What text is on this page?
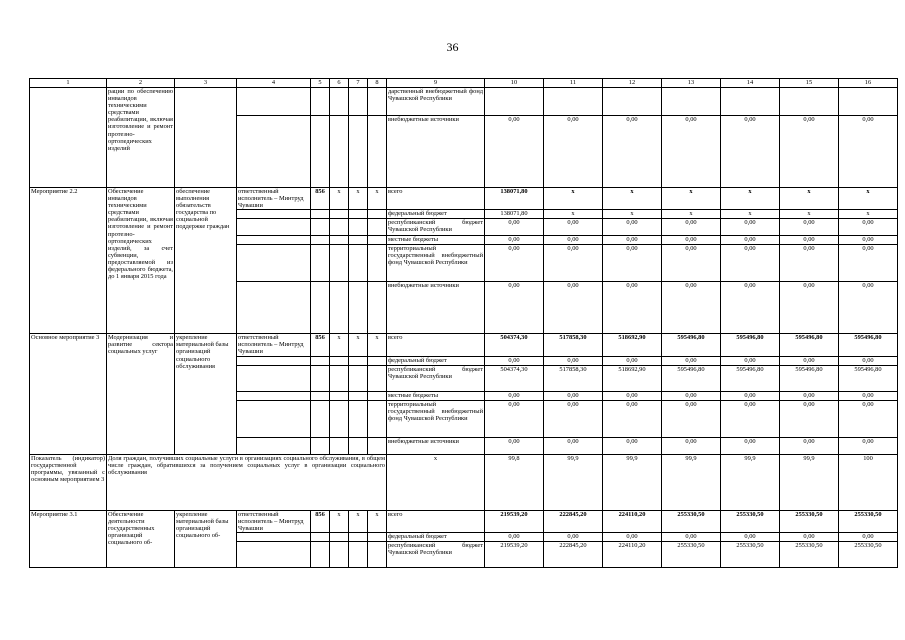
36
1	2	3	4	5	6	7	8	9	10	11	12	13	14	15	16
	рации по обеспечению инвалидов техническими средствами реабилитации, включая изготовление и ремонт протезно-ортопедических изделий							дарственный внебюджетный фонд Чувашской Республики							
								внебюджетные источники	0,00	0,00	0,00	0,00	0,00	0,00	0,00
Мероприятие 2.2	Обеспечение инвалидов техническими средствами реабилитации, включая изготовление и ремонт протезно-ортопедических изделий, за счет субвенции, предоставляемой из федерального бюджета, до 1 января 2015 года	обеспечение выполнения обязательств государства по социальной поддержке граждан	ответственный исполнитель – Минтруд Чувашии	856	x	x	x	всего	138071,80	x	x	x	x	x	x
								федеральный бюджет	138071,80	x	x	x	x	x	x
								республиканский бюджет Чувашской Республики	0,00	0,00	0,00	0,00	0,00	0,00	0,00
								местные бюджеты	0,00	0,00	0,00	0,00	0,00	0,00	0,00
								территориальный государственный внебюджетный фонд Чувашской Республики	0,00	0,00	0,00	0,00	0,00	0,00	0,00
								внебюджетные источники	0,00	0,00	0,00	0,00	0,00	0,00	0,00
Основное мероприятие 3	Модернизация и развитие сектора социальных услуг	укрепление материальной базы организаций социального обслуживания	ответственный исполнитель – Минтруд Чувашии	856	x	x	x	всего	504374,30	517858,30	518692,90	595496,80	595496,80	595496,80	595496,80
								федеральный бюджет	0,00	0,00	0,00	0,00	0,00	0,00	0,00
								республиканский бюджет Чувашской Республики	504374,30	517858,30	518692,90	595496,80	595496,80	595496,80	595496,80
								местные бюджеты	0,00	0,00	0,00	0,00	0,00	0,00	0,00
								территориальный государственный внебюджетный фонд Чувашской Республики	0,00	0,00	0,00	0,00	0,00	0,00	0,00
								внебюджетные источники	0,00	0,00	0,00	0,00	0,00	0,00	0,00
Показатель (индикатор) государственной программы, увязанный с основным мероприятием 3	Доля граждан, получивших социальные услуги в организациях социального обслуживания, в общем числе граждан, обратившихся за получением социальных услуг в организации социального обслуживания							x	99,8	99,9	99,9	99,9	99,9	99,9	100
Мероприятие 3.1	Обеспечение деятельности государственных организаций социального об-	укрепление материальной базы организаций социального об-	ответственный исполнитель – Минтруд Чувашии	856	x	x	x	всего	219539,20	222845,20	224110,20	255330,50	255330,50	255330,50	255330,50
								федеральный бюджет	0,00	0,00	0,00	0,00	0,00	0,00	0,00
								республиканский бюджет Чувашской Республики	219539,20	222845,20	224110,20	255330,50	255330,50	255330,50	255330,50
